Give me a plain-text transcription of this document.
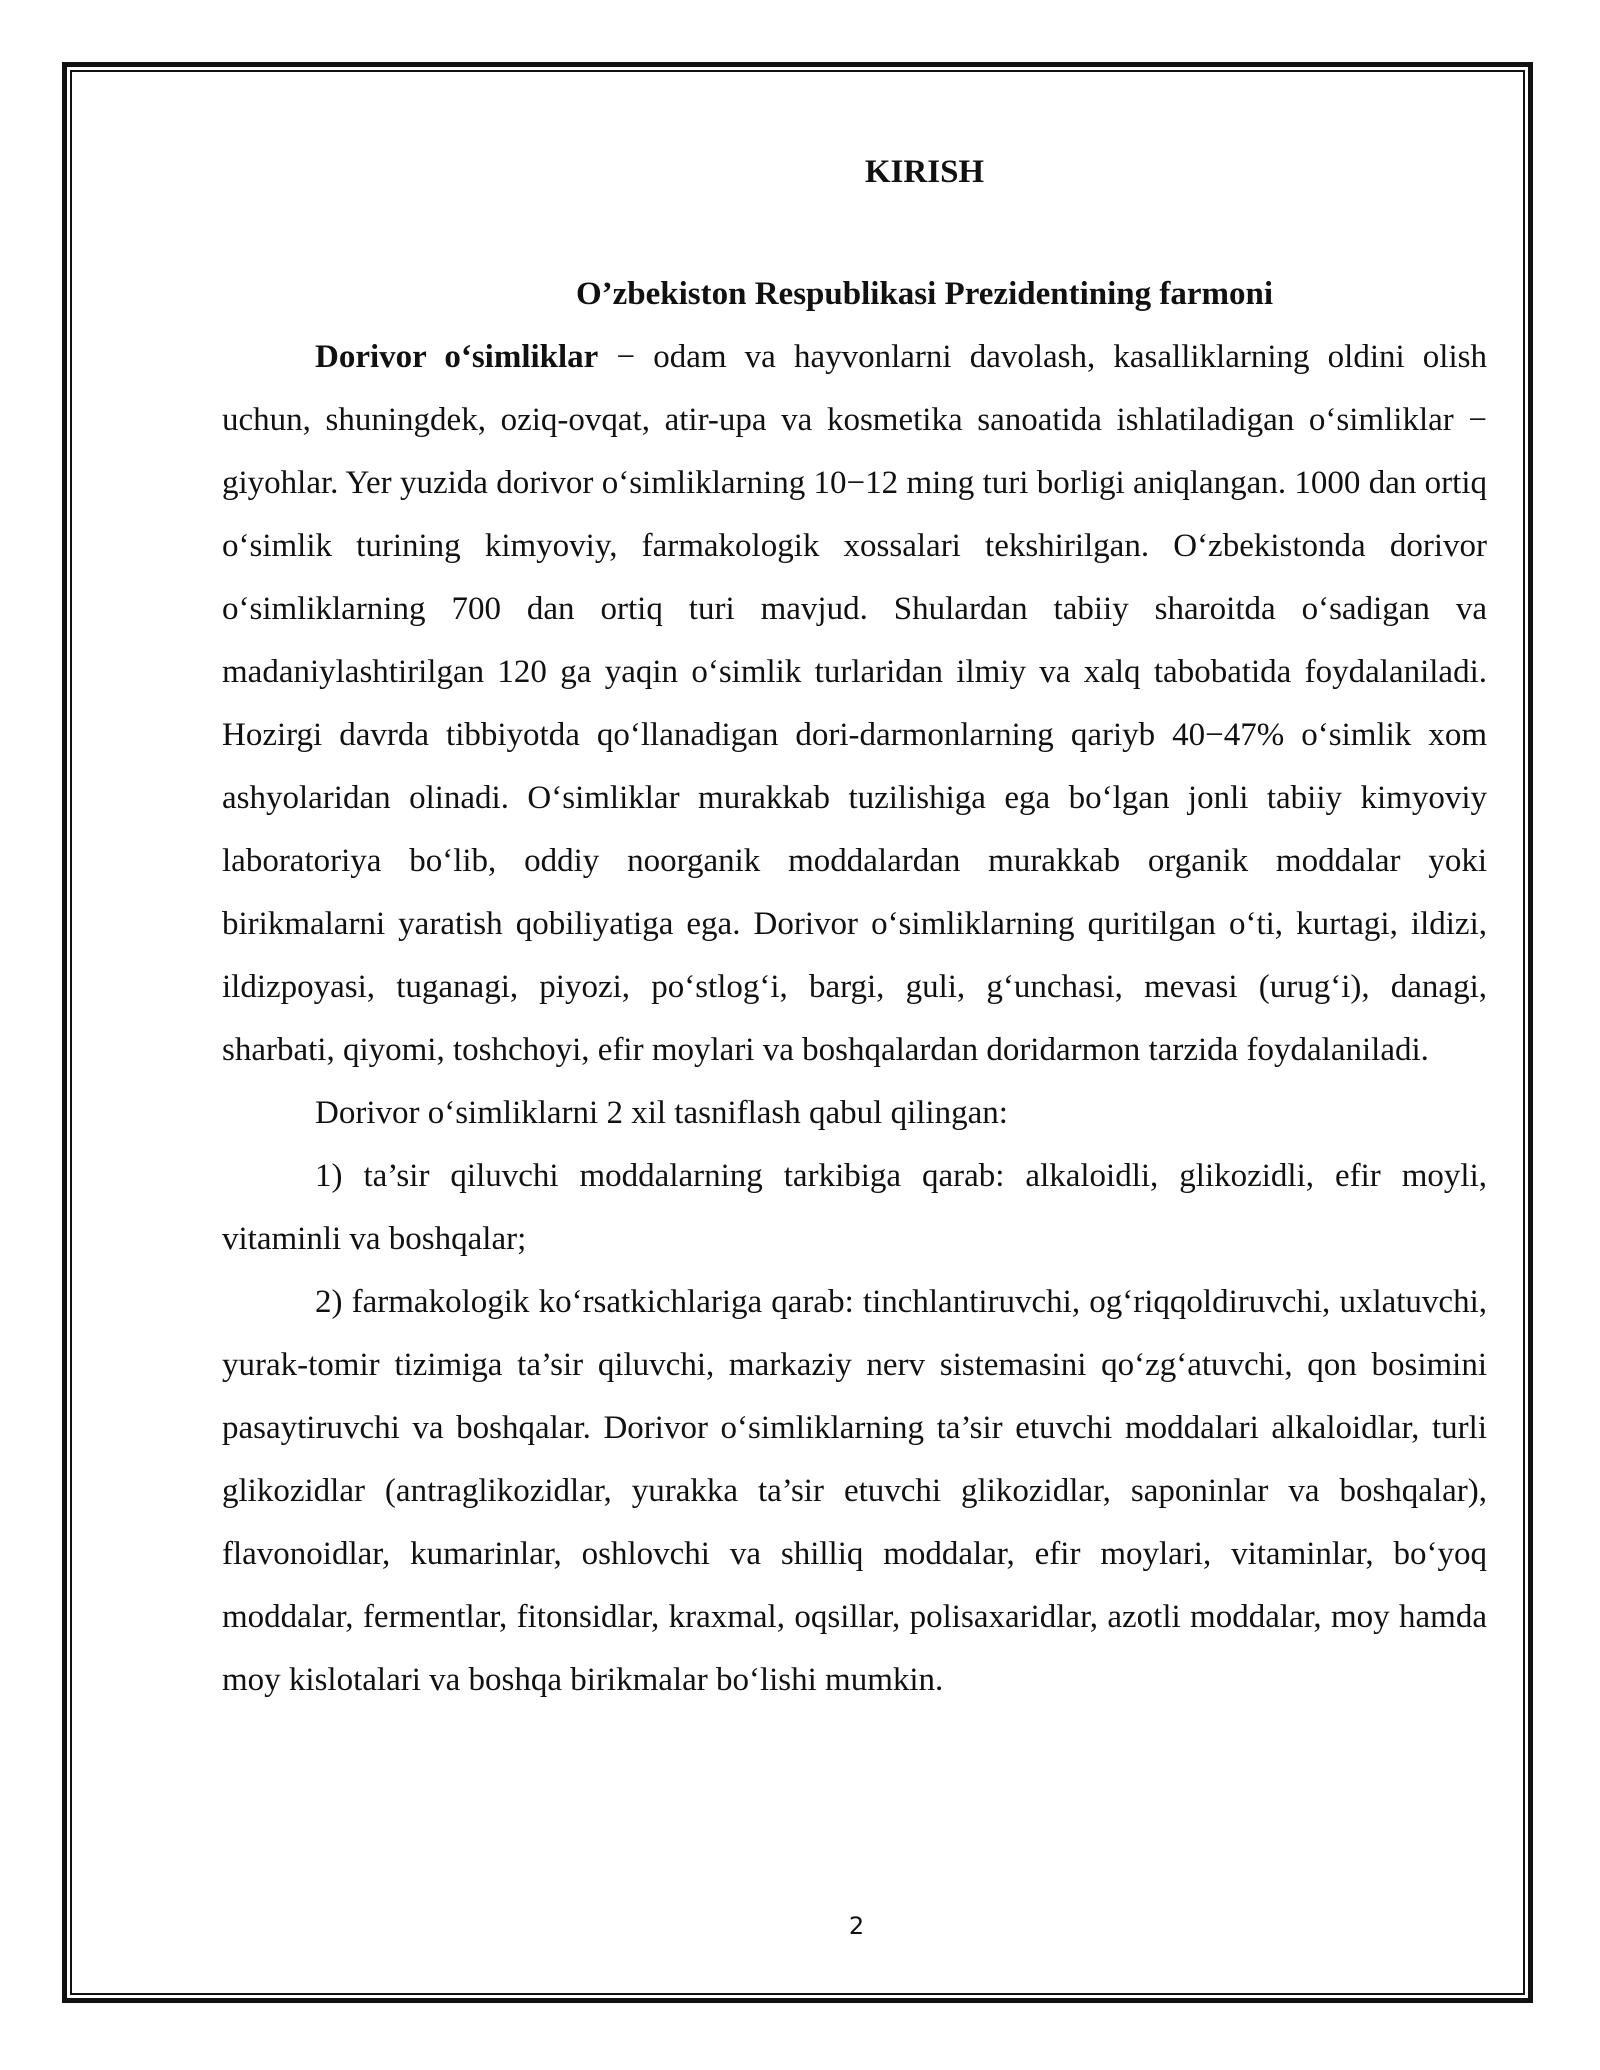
KIRISH
O’zbekiston Respublikasi Prezidentining farmoni

Dorivor o‘simliklar − odam va hayvonlarni davolash, kasalliklarning oldini olish uchun, shuningdek, oziq-ovqat, atir-upa va kosmetika sanoatida ishlatiladigan o‘simliklar − giyohlar. Yer yuzida dorivor o‘simliklarning 10−12 ming turi borligi aniqlangan. 1000 dan ortiq o‘simlik turining kimyoviy, farmakologik xossalari tekshirilgan. O‘zbekistonda dorivor o‘simliklarning 700 dan ortiq turi mavjud. Shulardan tabiiy sharoitda o‘sadigan va madaniylashtirilgan 120 ga yaqin o‘simlik turlaridan ilmiy va xalq tabobatida foydalaniladi. Hozirgi davrda tibbiyotda qo‘llanadigan dori-darmonlarning qariyb 40−47% o‘simlik xom ashyolaridan olinadi. O‘simliklar murakkab tuzilishiga ega bo‘lgan jonli tabiiy kimyoviy laboratoriya bo‘lib, oddiy noorganik moddalardan murakkab organik moddalar yoki birikmalarni yaratish qobiliyatiga ega. Dorivor o‘simliklarning quritilgan o‘ti, kurtagi, ildizi, ildizpoyasi, tuganagi, piyozi, po‘stlog‘i, bargi, guli, g‘unchasi, mevasi (urug‘i), danagi, sharbati, qiyomi, toshchoyi, efir moylari va boshqalardan doridarmon tarzida foydalaniladi.

Dorivor o‘simliklarni 2 xil tasniflash qabul qilingan:

1) ta’sir qiluvchi moddalarning tarkibiga qarab: alkaloidli, glikozidli, efir moyli, vitaminli va boshqalar;

2) farmakologik ko‘rsatkichlariga qarab: tinchlantiruvchi, og‘riqqoldiruvchi, uxlatuvchi, yurak-tomir tizimiga ta’sir qiluvchi, markaziy nerv sistemasini qo‘zg‘atuvchi, qon bosimini pasaytiruvchi va boshqalar. Dorivor o‘simliklarning ta’sir etuvchi moddalari alkaloidlar, turli glikozidlar (antraglikozidlar, yurakka ta’sir etuvchi glikozidlar, saponinlar va boshqalar), flavonoidlar, kumarinlar, oshlovchi va shilliq moddalar, efir moylari, vitaminlar, bo‘yoq moddalar, fermentlar, fitonsidlar, kraxmal, oqsillar, polisaxaridlar, azotli moddalar, moy hamda moy kislotalari va boshqa birikmalar bo‘lishi mumkin.

2
